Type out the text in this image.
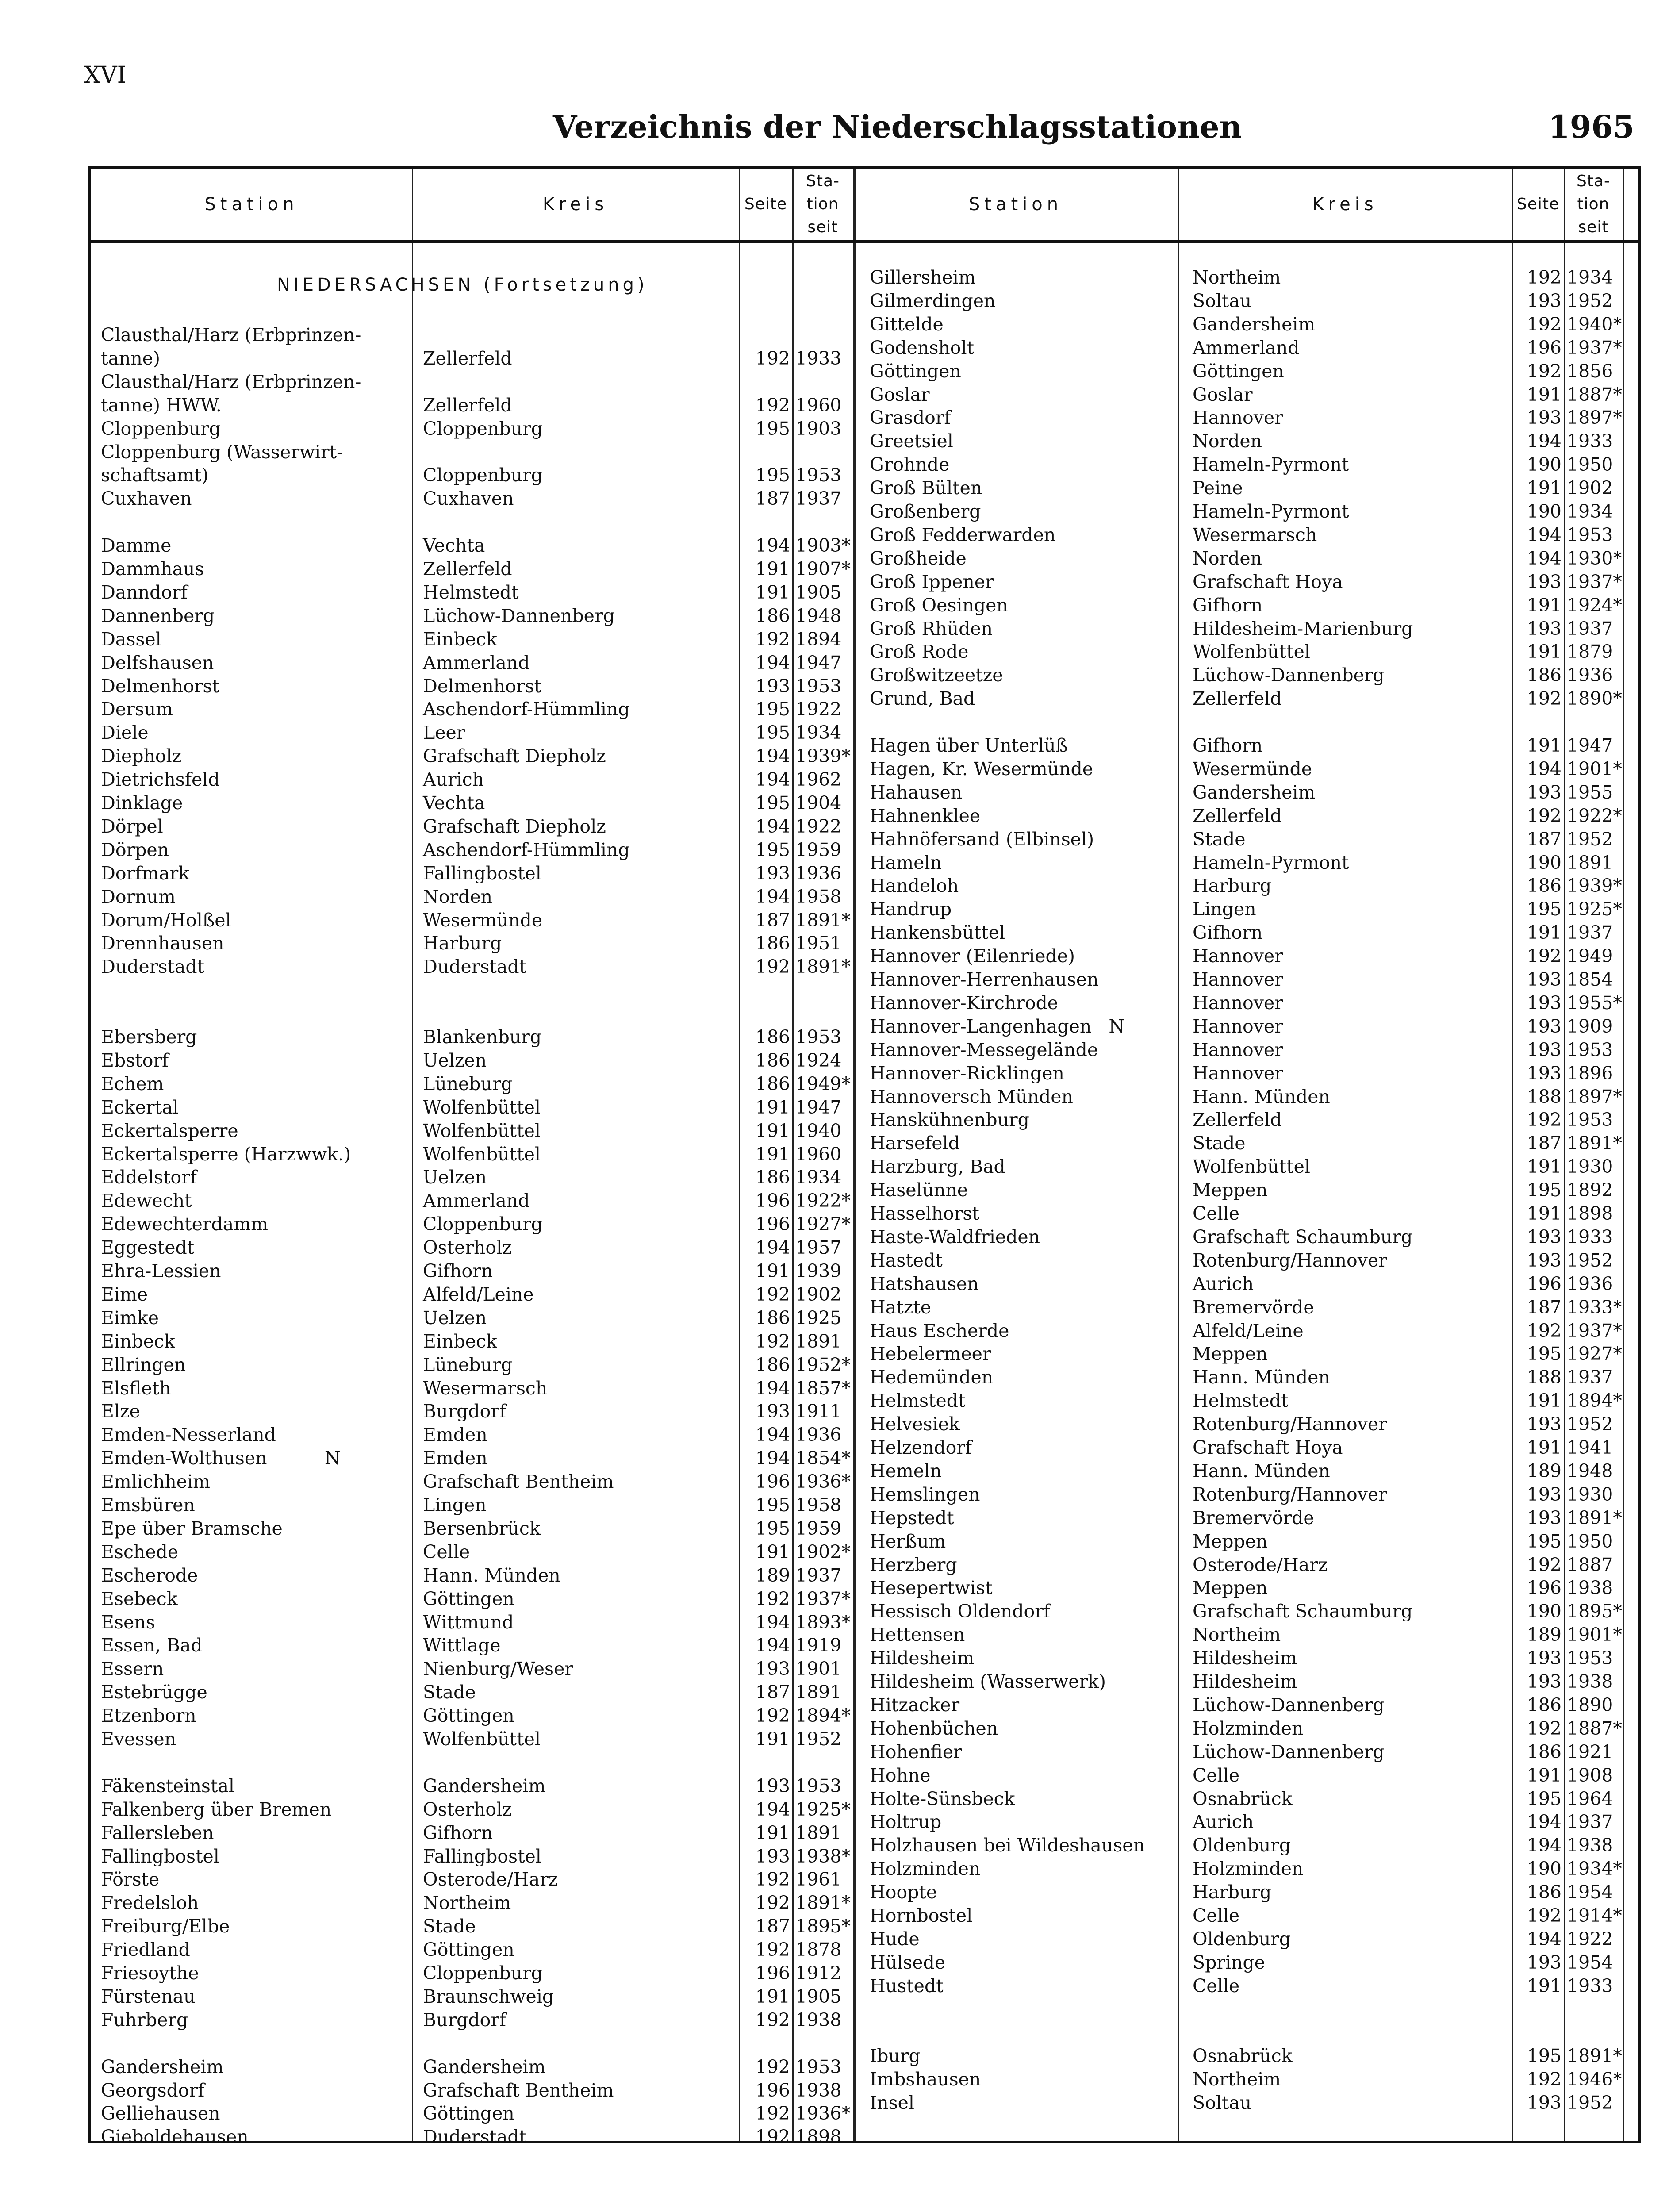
XVI
Verzeichnis der Niederschlagsstationen	1965
Station	Kreis	Seite
Sta-
tion
seit
Station	Kreis	Seite
Sta-
tion
seit
NIEDERSACHSEN (Fortsetzung)
Clausthal/Harz (Erbprinzen-
tanne)	Zellerfeld	192 1933
Clausthal/Harz (Erbprinzen-
tanne) HWW.	Zellerfeld	192 1960
Cloppenburg	Cloppenburg	195 1903
Cloppenburg (Wasserwirt-
schaftsamt)	Cloppenburg	195 1953
Cuxhaven	Cuxhaven	187 1937
Damme	Vechta	194 1903*
Dammhaus	Zellerfeld	191 1907*
Danndorf	Helmstedt	191 1905
Dannenberg	Lüchow-Dannenberg	186 1948
Dassel	Einbeck	192 1894
Delfshausen	Ammerland	194 1947
Delmenhorst	Delmenhorst	193 1953
Dersum	Aschendorf-Hümmling	195 1922
Diele	Leer	195 1934
Diepholz	Grafschaft Diepholz	194 1939*
Dietrichsfeld	Aurich	194 1962
Dinklage	Vechta	195 1904
Dörpel	Grafschaft Diepholz	194 1922
Dörpen	Aschendorf-Hümmling	195 1959
Dorfmark	Fallingbostel	193 1936
Dornum	Norden	194 1958
Dorum/Holßel	Wesermünde	187 1891*
Drennhausen	Harburg	186 1951
Duderstadt	Duderstadt	192 1891*
Ebersberg	Blankenburg	186 1953
Ebstorf	Uelzen	186 1924
Echem	Lüneburg	186 1949*
Eckertal	Wolfenbüttel	191 1947
Eckertalsperre	Wolfenbüttel	191 1940
Eckertalsperre (Harzwwk.)	Wolfenbüttel	191 1960
Eddelstorf	Uelzen	186 1934
Edewecht	Ammerland	196 1922*
Edewechterdamm	Cloppenburg	196 1927*
Eggestedt	Osterholz	194 1957
Ehra-Lessien	Gifhorn	191 1939
Eime	Alfeld/Leine	192 1902
Eimke	Uelzen	186 1925
Einbeck	Einbeck	192 1891
Ellringen	Lüneburg	186 1952*
Elsfleth	Wesermarsch	194 1857*
Elze	Burgdorf	193 1911
Emden-Nesserland	Emden	194 1936
Emden-Wolthusen          N	Emden	194 1854*
Emlichheim	Grafschaft Bentheim	196 1936*
Emsbüren	Lingen	195 1958
Epe über Bramsche	Bersenbrück	195 1959
Eschede	Celle	191 1902*
Escherode	Hann. Münden	189 1937
Esebeck	Göttingen	192 1937*
Esens	Wittmund	194 1893*
Essen, Bad	Wittlage	194 1919
Essern	Nienburg/Weser	193 1901
Estebrügge	Stade	187 1891
Etzenborn	Göttingen	192 1894*
Evessen	Wolfenbüttel	191 1952
Fäkensteinstal	Gandersheim	193 1953
Falkenberg über Bremen	Osterholz	194 1925*
Fallersleben	Gifhorn	191 1891
Fallingbostel	Fallingbostel	193 1938*
Förste	Osterode/Harz	192 1961
Fredelsloh	Northeim	192 1891*
Freiburg/Elbe	Stade	187 1895*
Friedland	Göttingen	192 1878
Friesoythe	Cloppenburg	196 1912
Fürstenau	Braunschweig	191 1905
Fuhrberg	Burgdorf	192 1938
Gandersheim	Gandersheim	192 1953
Georgsdorf	Grafschaft Bentheim	196 1938
Gelliehausen	Göttingen	192 1936*
Gieboldehausen	Duderstadt	192 1898
Gillersheim	Northeim	192 1934
Gilmerdingen	Soltau	193 1952
Gittelde	Gandersheim	192 1940*
Godensholt	Ammerland	196 1937*
Göttingen	Göttingen	192 1856
Goslar	Goslar	191 1887*
Grasdorf	Hannover	193 1897*
Greetsiel	Norden	194 1933
Grohnde	Hameln-Pyrmont	190 1950
Groß Bülten	Peine	191 1902
Großenberg	Hameln-Pyrmont	190 1934
Groß Fedderwarden	Wesermarsch	194 1953
Großheide	Norden	194 1930*
Groß Ippener	Grafschaft Hoya	193 1937*
Groß Oesingen	Gifhorn	191 1924*
Groß Rhüden	Hildesheim-Marienburg	193 1937
Groß Rode	Wolfenbüttel	191 1879
Großwitzeetze	Lüchow-Dannenberg	186 1936
Grund, Bad	Zellerfeld	192 1890*
Hagen über Unterlüß	Gifhorn	191 1947
Hagen, Kr. Wesermünde	Wesermünde	194 1901*
Hahausen	Gandersheim	193 1955
Hahnenklee	Zellerfeld	192 1922*
Hahnöfersand (Elbinsel)	Stade	187 1952
Hameln	Hameln-Pyrmont	190 1891
Handeloh	Harburg	186 1939*
Handrup	Lingen	195 1925*
Hankensbüttel	Gifhorn	191 1937
Hannover (Eilenriede)	Hannover	192 1949
Hannover-Herrenhausen	Hannover	193 1854
Hannover-Kirchrode	Hannover	193 1955*
Hannover-Langenhagen   N	Hannover	193 1909
Hannover-Messegelände	Hannover	193 1953
Hannover-Ricklingen	Hannover	193 1896
Hannoversch Münden	Hann. Münden	188 1897*
Hanskühnenburg	Zellerfeld	192 1953
Harsefeld	Stade	187 1891*
Harzburg, Bad	Wolfenbüttel	191 1930
Haselünne	Meppen	195 1892
Hasselhorst	Celle	191 1898
Haste-Waldfrieden	Grafschaft Schaumburg	193 1933
Hastedt	Rotenburg/Hannover	193 1952
Hatshausen	Aurich	196 1936
Hatzte	Bremervörde	187 1933*
Haus Escherde	Alfeld/Leine	192 1937*
Hebelermeer	Meppen	195 1927*
Hedemünden	Hann. Münden	188 1937
Helmstedt	Helmstedt	191 1894*
Helvesiek	Rotenburg/Hannover	193 1952
Helzendorf	Grafschaft Hoya	191 1941
Hemeln	Hann. Münden	189 1948
Hemslingen	Rotenburg/Hannover	193 1930
Hepstedt	Bremervörde	193 1891*
Herßum	Meppen	195 1950
Herzberg	Osterode/Harz	192 1887
Hesepertwist	Meppen	196 1938
Hessisch Oldendorf	Grafschaft Schaumburg	190 1895*
Hettensen	Northeim	189 1901*
Hildesheim	Hildesheim	193 1953
Hildesheim (Wasserwerk)	Hildesheim	193 1938
Hitzacker	Lüchow-Dannenberg	186 1890
Hohenbüchen	Holzminden	192 1887*
Hohenfier	Lüchow-Dannenberg	186 1921
Hohne	Celle	191 1908
Holte-Sünsbeck	Osnabrück	195 1964
Holtrup	Aurich	194 1937
Holzhausen bei Wildeshausen	Oldenburg	194 1938
Holzminden	Holzminden	190 1934*
Hoopte	Harburg	186 1954
Hornbostel	Celle	192 1914*
Hude	Oldenburg	194 1922
Hülsede	Springe	193 1954
Hustedt	Celle	191 1933
Iburg	Osnabrück	195 1891*
Imbshausen	Northeim	192 1946*
Insel	Soltau	193 1952
